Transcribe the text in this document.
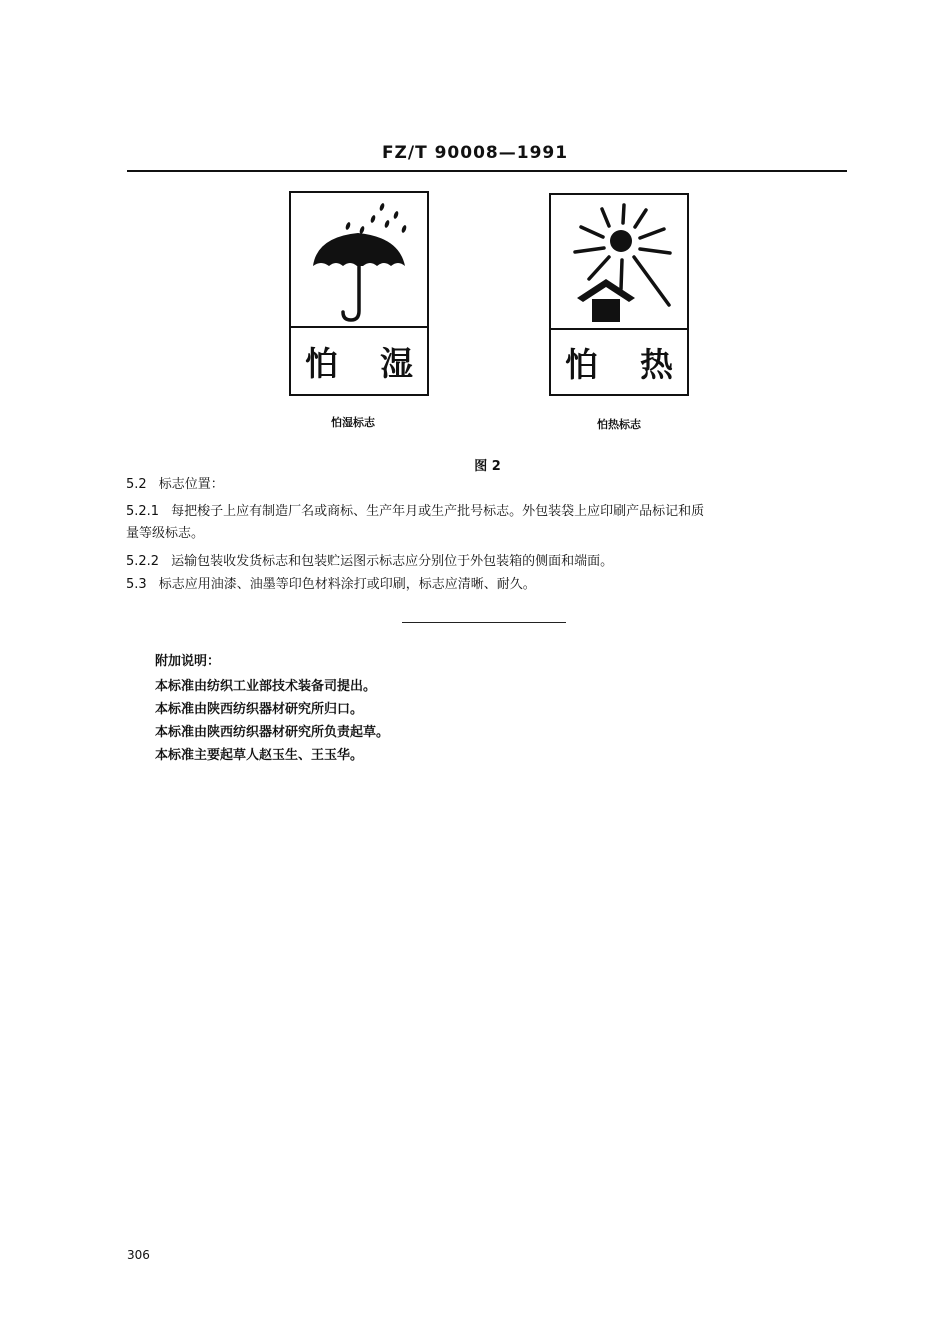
FZ/T 90008—1991
怕 湿
怕湿标志
怕 热
怕热标志
图 2
5.2 标志位置：
5.2.1 每把梭子上应有制造厂名或商标、生产年月或生产批号标志。外包装袋上应印刷产品标记和质
量等级标志。
5.2.2 运输包装收发货标志和包装贮运图示标志应分别位于外包装箱的侧面和端面。
5.3 标志应用油漆、油墨等印色材料涂打或印刷，标志应清晰、耐久。
附加说明：
本标准由纺织工业部技术装备司提出。
本标准由陕西纺织器材研究所归口。
本标准由陕西纺织器材研究所负责起草。
本标准主要起草人赵玉生、王玉华。
306
